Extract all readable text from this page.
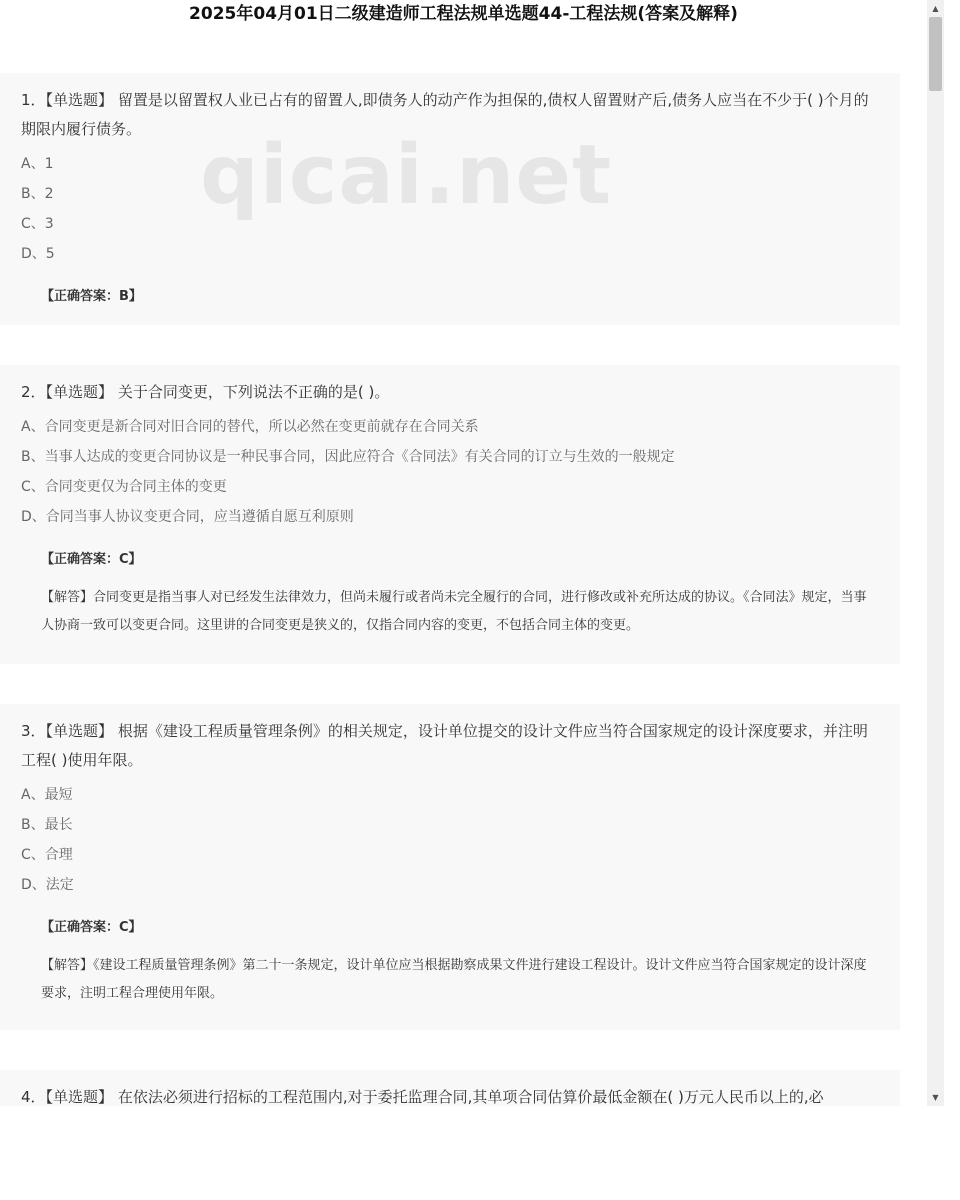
2025年04月01日二级建造师工程法规单选题44-工程法规(答案及解释)
1．【单选题】 留置是以留置权人业已占有的留置人,即债务人的动产作为担保的,债权人留置财产后,债务人应当在不少于( )个月的期限内履行债务。
A、1
B、2
C、3
D、5
【正确答案：B】
2．【单选题】 关于合同变更，下列说法不正确的是( )。
A、合同变更是新合同对旧合同的替代，所以必然在变更前就存在合同关系
B、当事人达成的变更合同协议是一种民事合同，因此应符合《合同法》有关合同的订立与生效的一般规定
C、合同变更仅为合同主体的变更
D、合同当事人协议变更合同，应当遵循自愿互利原则
【正确答案：C】
【解答】合同变更是指当事人对已经发生法律效力，但尚未履行或者尚未完全履行的合同，进行修改或补充所达成的协议。《合同法》规定，当事人协商一致可以变更合同。这里讲的合同变更是狭义的，仅指合同内容的变更，不包括合同主体的变更。
3．【单选题】 根据《建设工程质量管理条例》的相关规定，设计单位提交的设计文件应当符合国家规定的设计深度要求，并注明工程( )使用年限。
A、最短
B、最长
C、合理
D、法定
【正确答案：C】
【解答】《建设工程质量管理条例》第二十一条规定，设计单位应当根据勘察成果文件进行建设工程设计。设计文件应当符合国家规定的设计深度要求，注明工程合理使用年限。
4．【单选题】 在依法必须进行招标的工程范围内,对于委托监理合同,其单项合同估算价最低金额在( )万元人民币以上的,必
▲
▼
